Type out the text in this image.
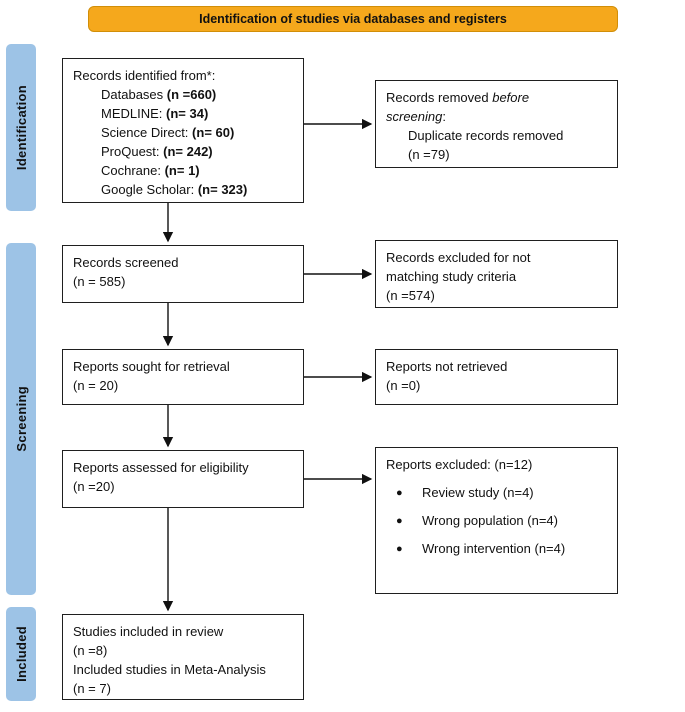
Identification of studies via databases and registers
Identification
Screening
Included
Records identified from*:
Databases (n =660)
MEDLINE: (n= 34)
Science Direct: (n= 60)
ProQuest: (n= 242)
Cochrane: (n= 1)
Google Scholar: (n= 323)
Records removed before
screening:
Duplicate records removed
(n =79)
Records screened
(n = 585)
Records excluded for not
matching study criteria
(n =574)
Reports sought for retrieval
(n = 20)
Reports not retrieved
(n =0)
Reports assessed for eligibility
(n =20)
Reports excluded: (n=12)
● Review study (n=4)
● Wrong population (n=4)
● Wrong intervention (n=4)
Studies included in review
(n =8)
Included studies in Meta-Analysis
(n = 7)
